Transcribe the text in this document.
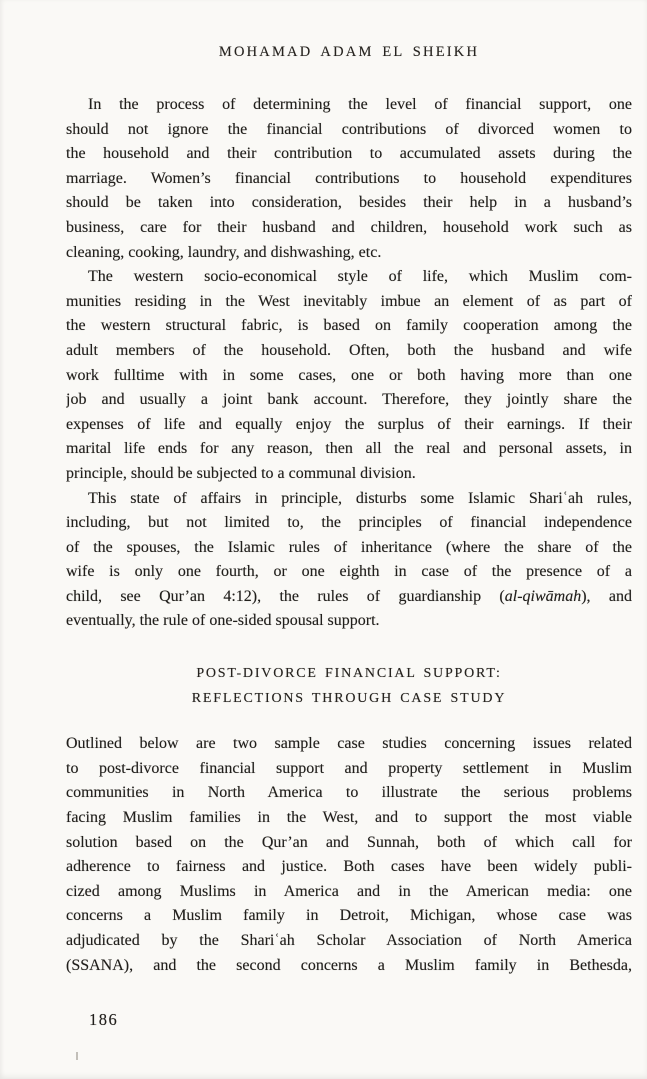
MOHAMAD ADAM EL SHEIKH
In the process of determining the level of financial support, one
should not ignore the financial contributions of divorced women to
the household and their contribution to accumulated assets during the
marriage. Women’s financial contributions to household expenditures
should be taken into consideration, besides their help in a husband’s
business, care for their husband and children, household work such as
cleaning, cooking, laundry, and dishwashing, etc.
The western socio-economical style of life, which Muslim com-
munities residing in the West inevitably imbue an element of as part of
the western structural fabric, is based on family cooperation among the
adult members of the household. Often, both the husband and wife
work fulltime with in some cases, one or both having more than one
job and usually a joint bank account. Therefore, they jointly share the
expenses of life and equally enjoy the surplus of their earnings. If their
marital life ends for any reason, then all the real and personal assets, in
principle, should be subjected to a communal division.
This state of affairs in principle, disturbs some Islamic Shariʿah rules,
including, but not limited to, the principles of financial independence
of the spouses, the Islamic rules of inheritance (where the share of the
wife is only one fourth, or one eighth in case of the presence of a
child, see Qur’an 4:12), the rules of guardianship (al-qiwāmah), and
eventually, the rule of one-sided spousal support.
POST-DIVORCE FINANCIAL SUPPORT:
REFLECTIONS THROUGH CASE STUDY
Outlined below are two sample case studies concerning issues related
to post-divorce financial support and property settlement in Muslim
communities in North America to illustrate the serious problems
facing Muslim families in the West, and to support the most viable
solution based on the Qur’an and Sunnah, both of which call for
adherence to fairness and justice. Both cases have been widely publi-
cized among Muslims in America and in the American media: one
concerns a Muslim family in Detroit, Michigan, whose case was
adjudicated by the Shariʿah Scholar Association of North America
(SSANA), and the second concerns a Muslim family in Bethesda,
186
